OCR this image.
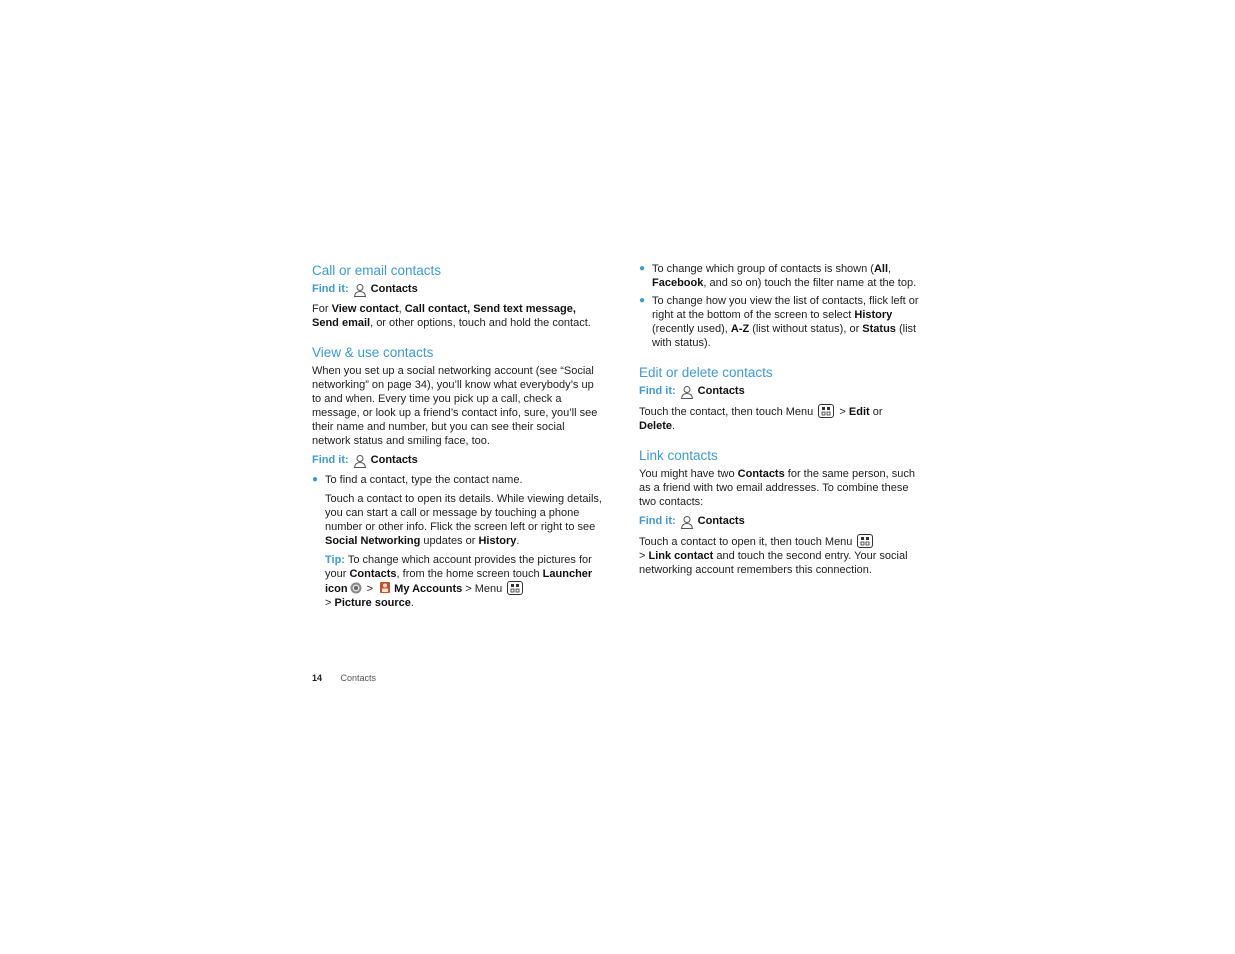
Call or email contacts
Find it: Contacts

For View contact, Call contact, Send text message, Send email, or other options, touch and hold the contact.

View & use contacts

When you set up a social networking account (see “Social networking” on page 34), you’ll know what everybody’s up to and when. Every time you pick up a call, check a message, or look up a friend’s contact info, sure, you’ll see their name and number, but you can see their social network status and smiling face, too.

Find it: Contacts
● To find a contact, type the contact name.

Touch a contact to open its details. While viewing details, you can start a call or message by touching a phone number or other info. Flick the screen left or right to see Social Networking updates or History.

Tip: To change which account provides the pictures for your Contacts, from the home screen touch Launcher icon > My Accounts > Menu
> Picture source.

● To change which group of contacts is shown (All, Facebook, and so on) touch the filter name at the top.
● To change how you view the list of contacts, flick left or right at the bottom of the screen to select History (recently used), A-Z (list without status), or Status (list with status).
Edit or delete contacts
Find it: Contacts

Touch the contact, then touch Menu  > Edit or
Delete.

Link contacts

You might have two Contacts for the same person, such as a friend with two email addresses. To combine these two contacts:

Find it: Contacts

Touch a contact to open it, then touch Menu
> Link contact and touch the second entry. Your social networking account remembers this connection.

14 Contacts
